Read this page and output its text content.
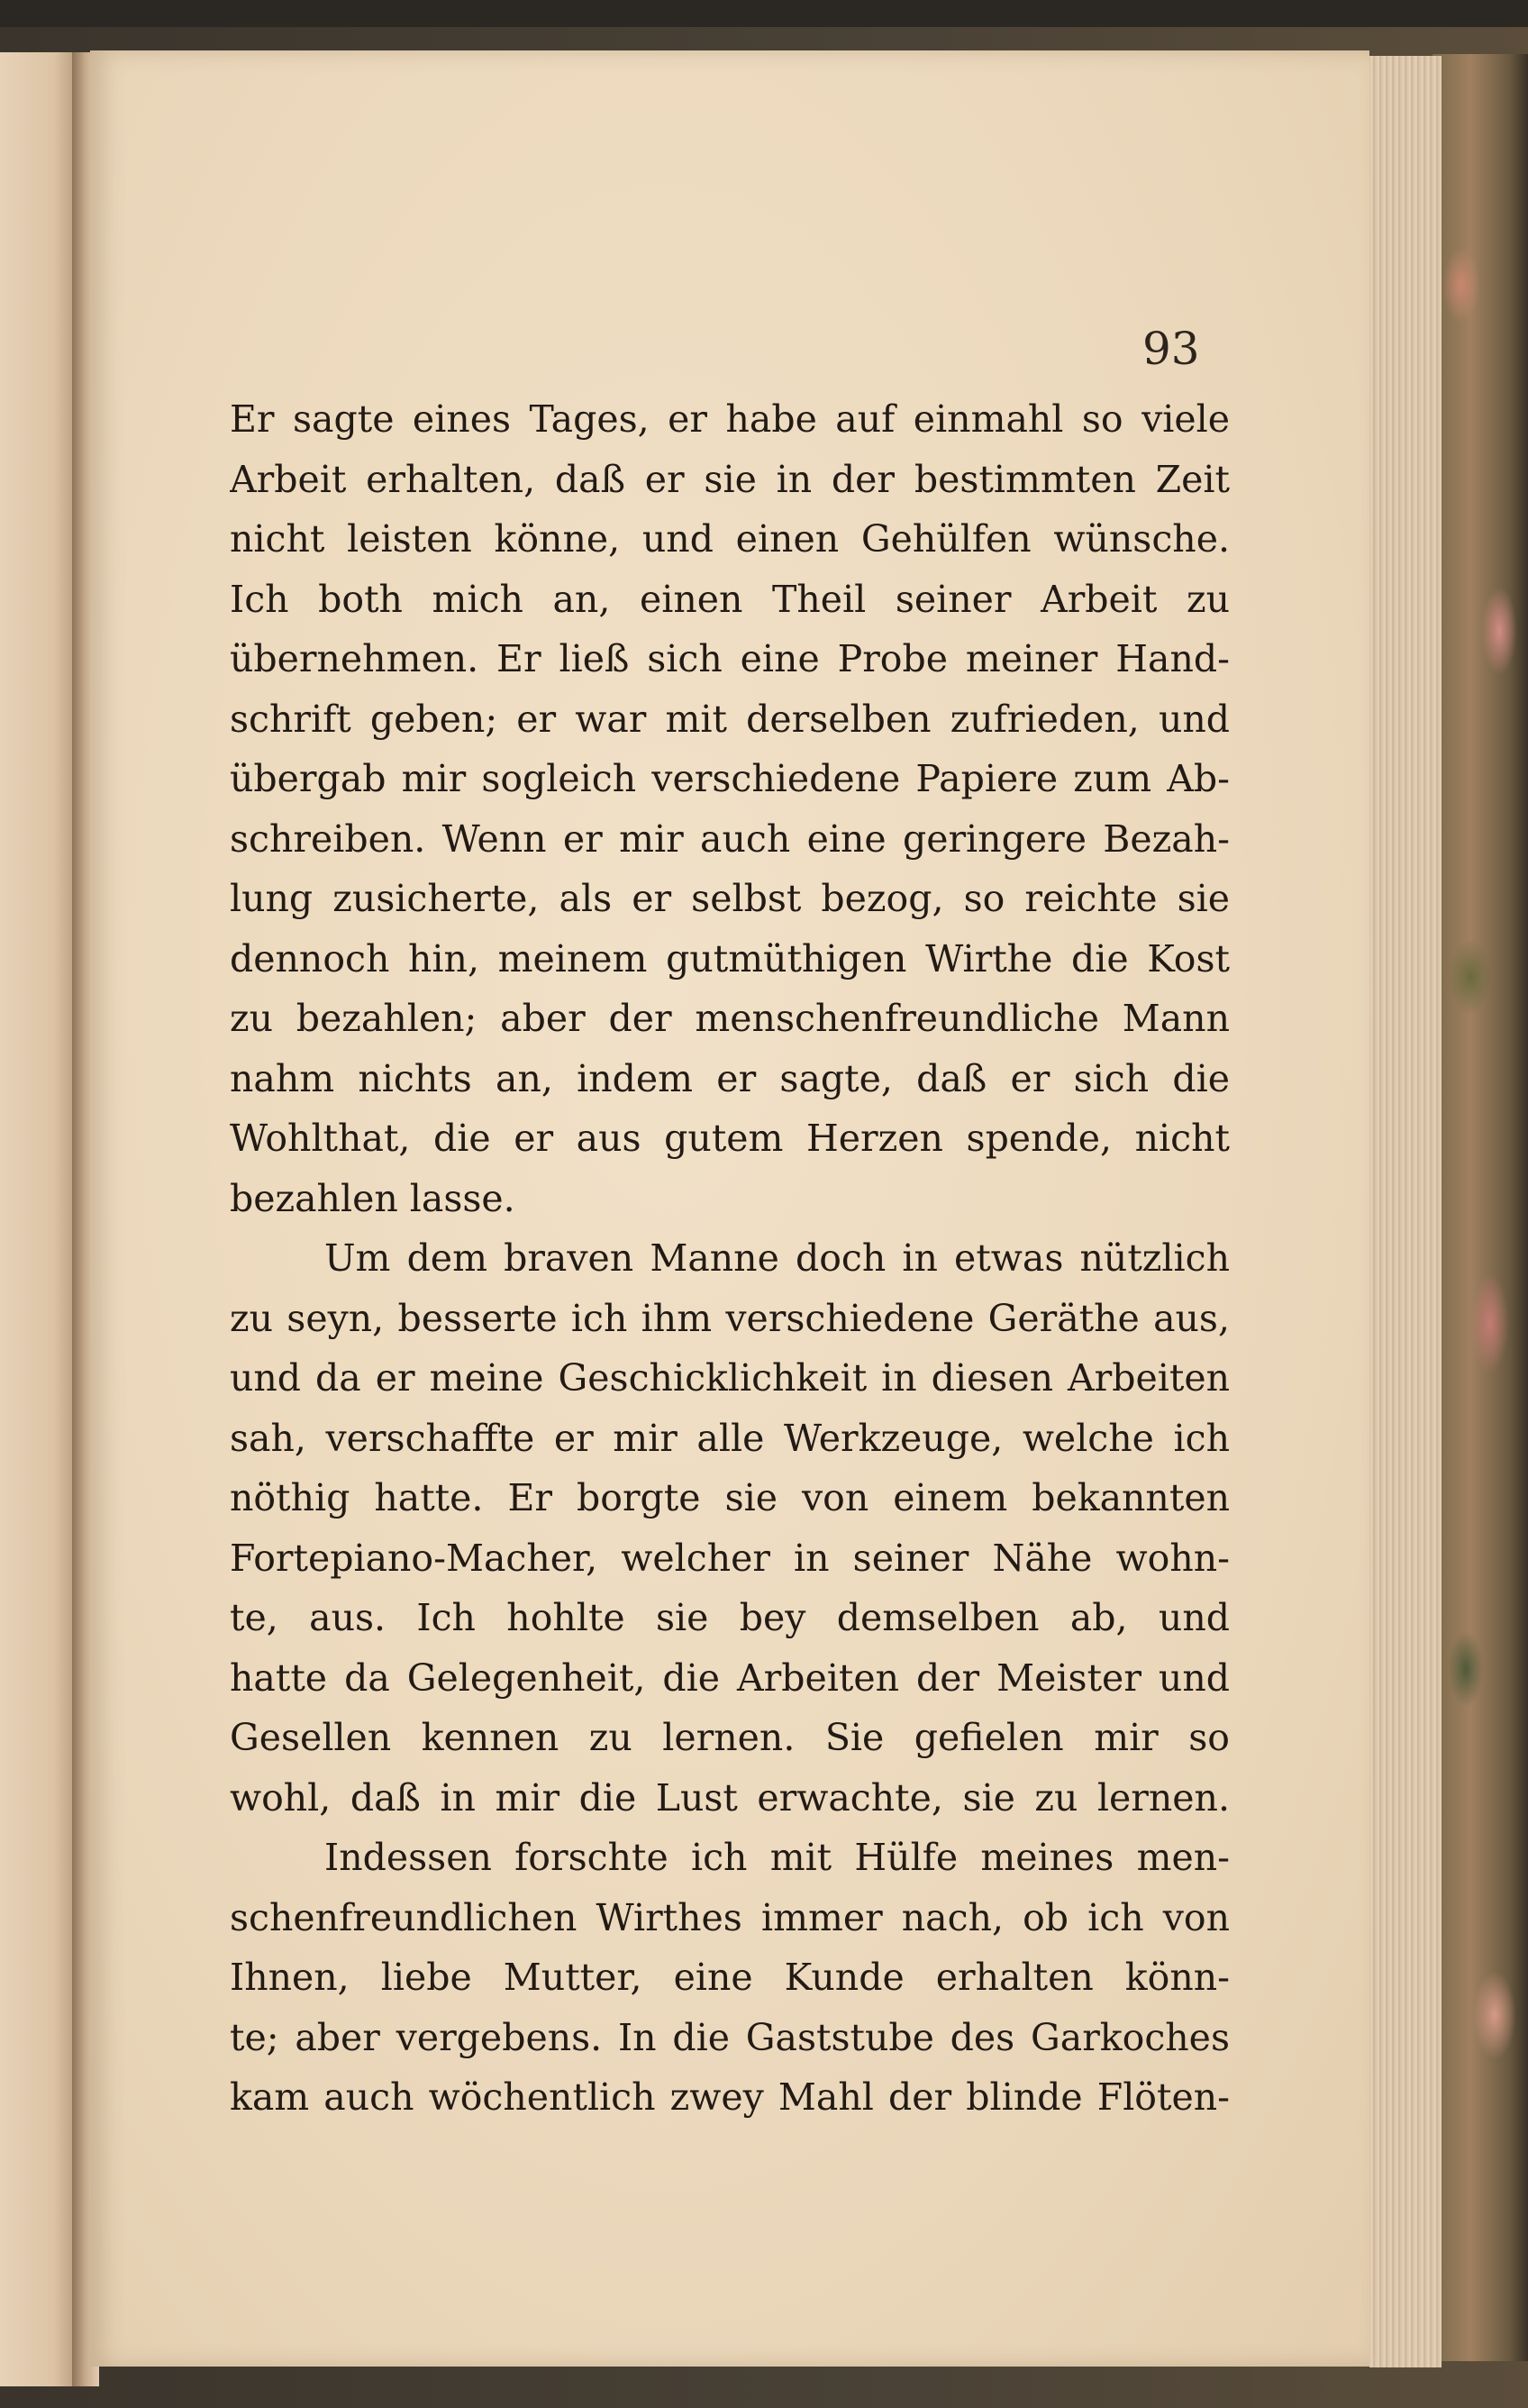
93
Er sagte eines Tages, er habe auf einmahl so viele
Arbeit erhalten, daß er sie in der bestimmten Zeit
nicht leisten könne, und einen Gehülfen wünsche.
Ich both mich an, einen Theil seiner Arbeit zu
übernehmen. Er ließ sich eine Probe meiner Hand-
schrift geben; er war mit derselben zufrieden, und
übergab mir sogleich verschiedene Papiere zum Ab-
schreiben. Wenn er mir auch eine geringere Bezah-
lung zusicherte, als er selbst bezog, so reichte sie
dennoch hin, meinem gutmüthigen Wirthe die Kost
zu bezahlen; aber der menschenfreundliche Mann
nahm nichts an, indem er sagte, daß er sich die
Wohlthat, die er aus gutem Herzen spende, nicht
bezahlen lasse.
Um dem braven Manne doch in etwas nützlich
zu seyn, besserte ich ihm verschiedene Geräthe aus,
und da er meine Geschicklichkeit in diesen Arbeiten
sah, verschaffte er mir alle Werkzeuge, welche ich
nöthig hatte. Er borgte sie von einem bekannten
Fortepiano-Macher, welcher in seiner Nähe wohn-
te, aus. Ich hohlte sie bey demselben ab, und
hatte da Gelegenheit, die Arbeiten der Meister und
Gesellen kennen zu lernen. Sie gefielen mir so
wohl, daß in mir die Lust erwachte, sie zu lernen.
Indessen forschte ich mit Hülfe meines men-
schenfreundlichen Wirthes immer nach, ob ich von
Ihnen, liebe Mutter, eine Kunde erhalten könn-
te; aber vergebens. In die Gaststube des Garkoches
kam auch wöchentlich zwey Mahl der blinde Flöten-
